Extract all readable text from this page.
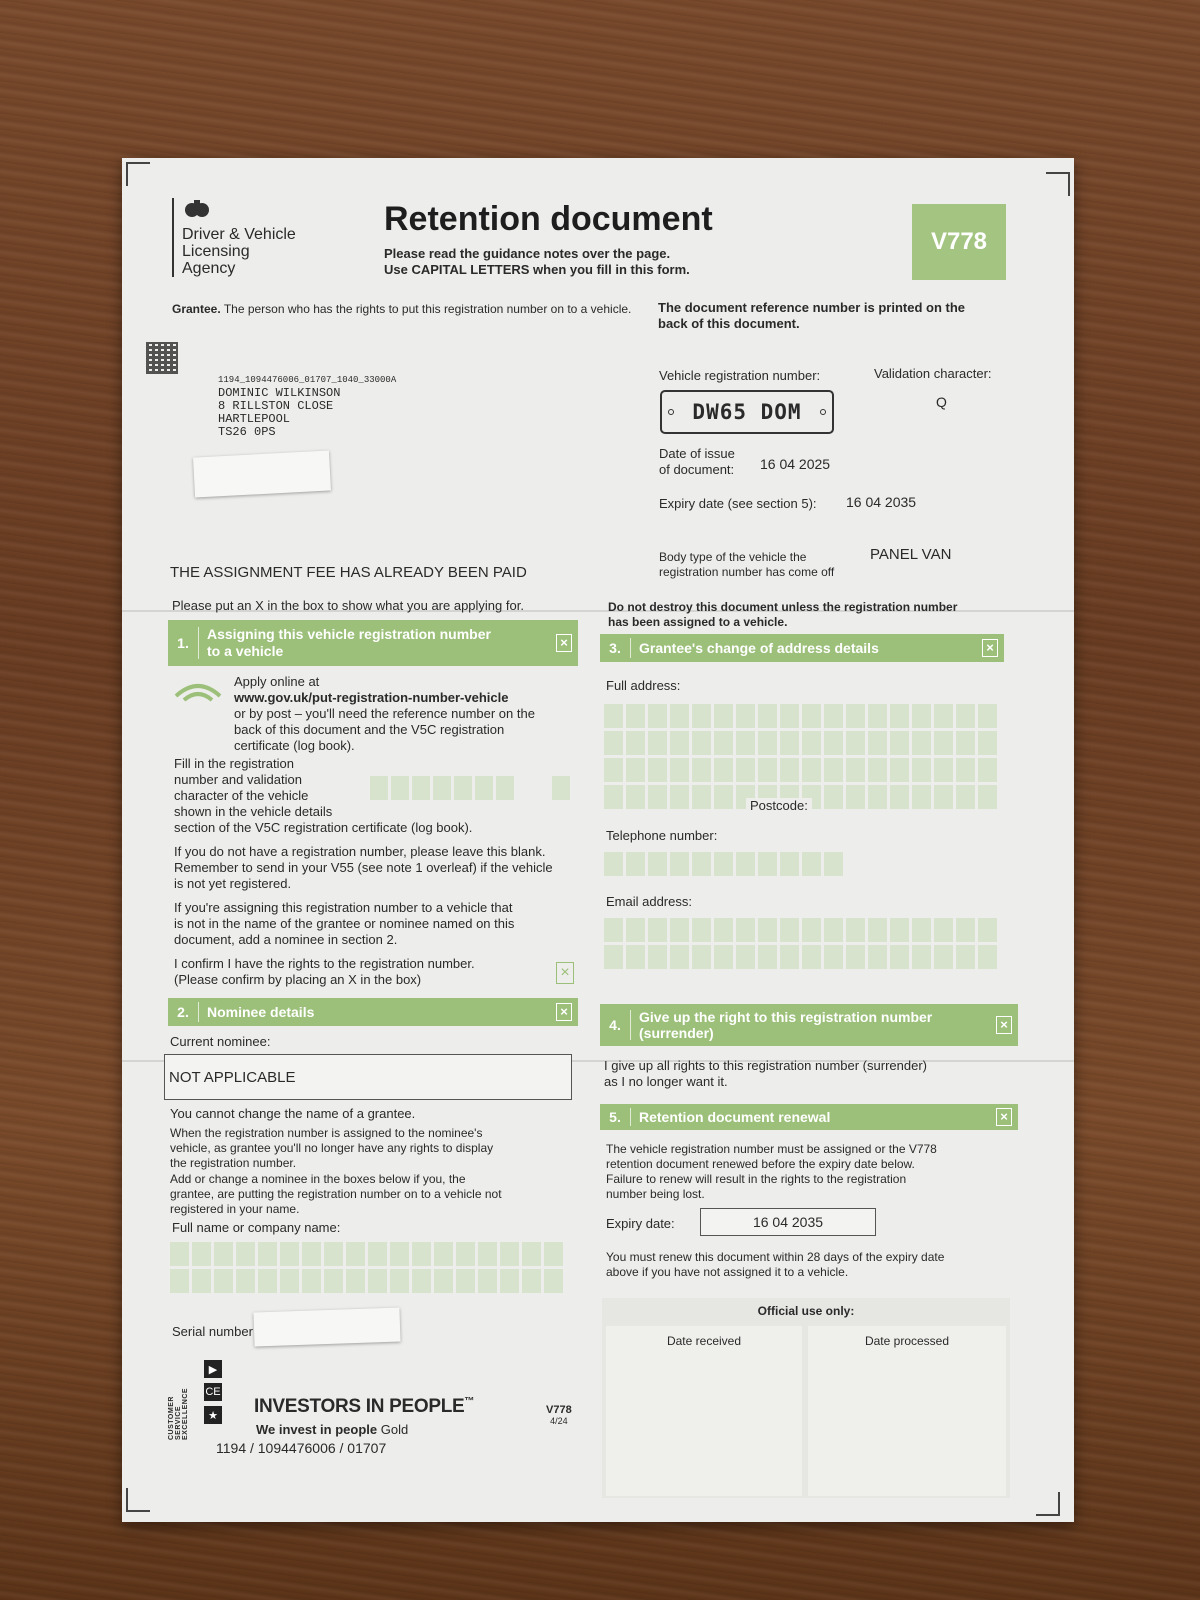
Driver & Vehicle
Licensing
Agency
Retention document
Please read the guidance notes over the page.
Use CAPITAL LETTERS when you fill in this form.
V778
Grantee. The person who has the rights to put this registration number on to a vehicle.
1194_1094476006_01707_1040_33000A
DOMINIC WILKINSON
8 RILLSTON CLOSE
HARTLEPOOL
TS26 0PS
The document reference number is printed on the back of this document.
Vehicle registration number:	Validation character:
DW65 DOM	Q
Date of issue
of document: 16 04 2025
Expiry date (see section 5): 16 04 2035
Body type of the vehicle the
registration number has come off
PANEL VAN
THE ASSIGNMENT FEE HAS ALREADY BEEN PAID
Please put an X in the box to show what you are applying for.	Do not destroy this document unless the registration number has been assigned to a vehicle.
1.
Assigning this vehicle registration number
to a vehicle
×
Apply online at
www.gov.uk/put-registration-number-vehicle
or by post – you'll need the reference number on the
back of this document and the V5C registration
certificate (log book).
Fill in the registration
number and validation
character of the vehicle
shown in the vehicle details
section of the V5C registration certificate (log book).
If you do not have a registration number, please leave this blank.
Remember to send in your V55 (see note 1 overleaf) if the vehicle
is not yet registered.
If you're assigning this registration number to a vehicle that
is not in the name of the grantee or nominee named on this
document, add a nominee in section 2.
I confirm I have the rights to the registration number.
(Please confirm by placing an X in the box)	×
2.	Nominee details	×
Current nominee:
NOT APPLICABLE
You cannot change the name of a grantee.
When the registration number is assigned to the nominee's
vehicle, as grantee you'll no longer have any rights to display
the registration number.
Add or change a nominee in the boxes below if you, the
grantee, are putting the registration number on to a vehicle not
registered in your name.
Full name or company name:
Serial number
3.	Grantee's change of address details	×
Full address:
Postcode:
Telephone number:
Email address:
4.	Give up the right to this registration number
(surrender)
×
I give up all rights to this registration number (surrender)
as I no longer want it.
5.	Retention document renewal	×
The vehicle registration number must be assigned or the V778
retention document renewed before the expiry date below.
Failure to renew will result in the rights to the registration
number being lost.
Expiry date:	16 04 2035
You must renew this document within 28 days of the expiry date
above if you have not assigned it to a vehicle.
Official use only:
Date received	Date processed
CUSTOMER SERVICE EXCELLENCE
▶
CE
★ INVESTORS IN PEOPLE™
We invest in people Gold
V778
4/24
1194 / 1094476006 / 01707
